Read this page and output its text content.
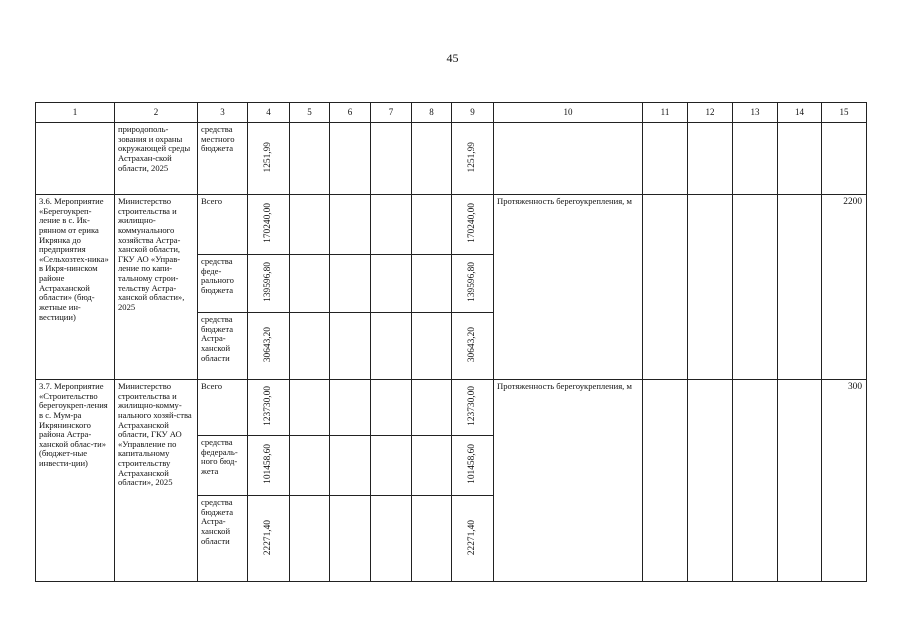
45
1	2	3	4	5	6	7	8	9	10	11	12	13	14	15
	природополь-зования и охраны окружающей среды Астрахан-ской области, 2025	средства местного бюджета	1251,99					1251,99						
3.6. Мероприятие «Берегоукреп-ление в с. Ик-рянном от ерика Икрянка до предприятия «Сельхозтех-ника» в Икря-нинском районе Астраханской области» (бюд-жетные ин-вестиции)	Министерство строительства и жилищно-коммунального хозяйства Астра-ханской области, ГКУ АО «Управ-ление по капи-тальному строи-тельству Астра-ханской области», 2025	Всего	170240,00					170240,00	Протяженность берегоукрепления, м					2200
		средства феде-рального бюджета	139596,80					139596,80						
		средства бюджета Астра-ханской области	30643,20					30643,20						
3.7. Мероприятие «Строительство берегоукреп-ления в с. Мум-ра Икрянинского района Астра-ханской облас-ти» (бюджет-ные инвести-ции)	Министерство строительства и жилищно-комму-нального хозяй-ства Астраханской области, ГКУ АО «Управление по капитальному строительству Астраханской области», 2025	Всего	123730,00					123730,00	Протяженность берегоукрепления, м					300
		средства федераль-ного бюд-жета	101458,60					101458,60						
		средства бюджета Астра-ханской области	22271,40					22271,40						
